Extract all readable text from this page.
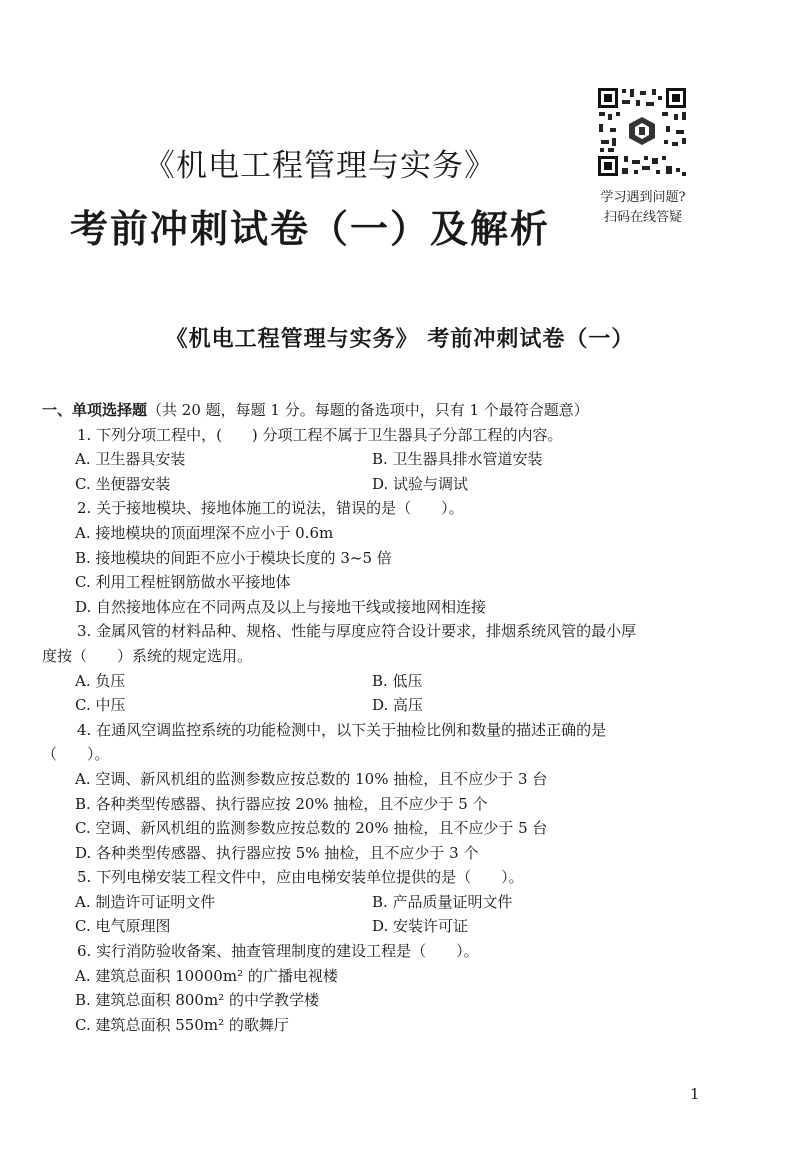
《机电工程管理与实务》
考前冲刺试卷（一）及解析
学习遇到问题?
扫码在线答疑
《机电工程管理与实务》 考前冲刺试卷（一）
一、单项选择题（共 20 题，每题 1 分。每题的备选项中，只有 1 个最符合题意）
1. 下列分项工程中，(　　) 分项工程不属于卫生器具子分部工程的内容。
A. 卫生器具安装	B. 卫生器具排水管道安装
C. 坐便器安装	D. 试验与调试
2. 关于接地模块、接地体施工的说法，错误的是（　　）。
A. 接地模块的顶面埋深不应小于 0.6m
B. 接地模块的间距不应小于模块长度的 3~5 倍
C. 利用工程桩钢筋做水平接地体
D. 自然接地体应在不同两点及以上与接地干线或接地网相连接
3. 金属风管的材料品种、规格、性能与厚度应符合设计要求，排烟系统风管的最小厚
度按（　　）系统的规定选用。
A. 负压	B. 低压
C. 中压	D. 高压
4. 在通风空调监控系统的功能检测中，以下关于抽检比例和数量的描述正确的是
（　　）。
A. 空调、新风机组的监测参数应按总数的 10% 抽检，且不应少于 3 台
B. 各种类型传感器、执行器应按 20% 抽检，且不应少于 5 个
C. 空调、新风机组的监测参数应按总数的 20% 抽检，且不应少于 5 台
D. 各种类型传感器、执行器应按 5% 抽检，且不应少于 3 个
5. 下列电梯安装工程文件中，应由电梯安装单位提供的是（　　）。
A. 制造许可证明文件	B. 产品质量证明文件
C. 电气原理图	D. 安装许可证
6. 实行消防验收备案、抽查管理制度的建设工程是（　　）。
A. 建筑总面积 10000m² 的广播电视楼
B. 建筑总面积 800m² 的中学教学楼
C. 建筑总面积 550m² 的歌舞厅
1
